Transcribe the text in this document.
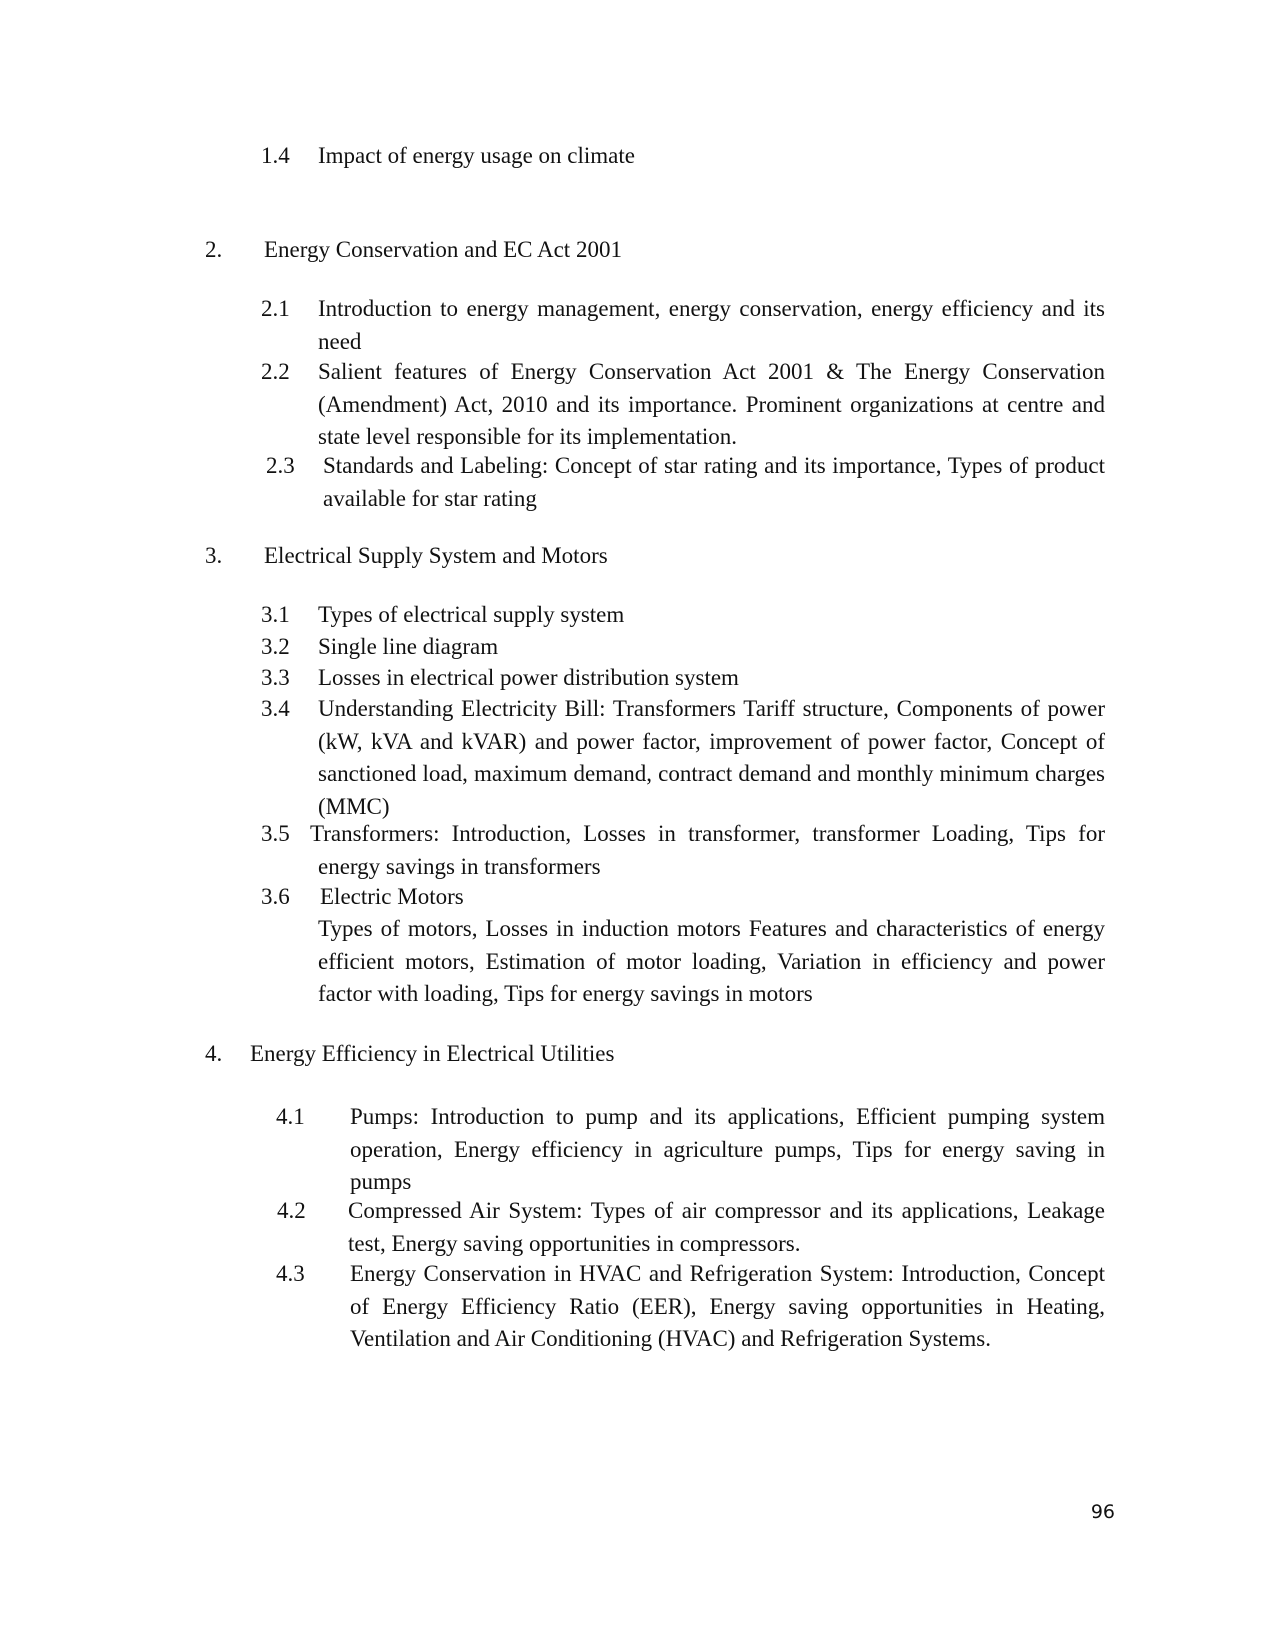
1.4 Impact of energy usage on climate
2. Energy Conservation and EC Act 2001
2.1 Introduction to energy management, energy conservation, energy efficiency and its need
2.2 Salient features of Energy Conservation Act 2001 & The Energy Conservation (Amendment) Act, 2010 and its importance. Prominent organizations at centre and state level responsible for its implementation.
2.3 Standards and Labeling: Concept of star rating and its importance, Types of product available for star rating
3. Electrical Supply System and Motors
3.1 Types of electrical supply system
3.2 Single line diagram
3.3 Losses in electrical power distribution system
3.4 Understanding Electricity Bill: Transformers Tariff structure, Components of power (kW, kVA and kVAR) and power factor, improvement of power factor, Concept of sanctioned load, maximum demand, contract demand and monthly minimum charges (MMC)
3.5 Transformers: Introduction, Losses in transformer, transformer Loading, Tips for energy savings in transformers
3.6 Electric Motors
Types of motors, Losses in induction motors Features and characteristics of energy efficient motors, Estimation of motor loading, Variation in efficiency and power factor with loading, Tips for energy savings in motors
4. Energy Efficiency in Electrical Utilities
4.1 Pumps: Introduction to pump and its applications, Efficient pumping system operation, Energy efficiency in agriculture pumps, Tips for energy saving in pumps
4.2 Compressed Air System: Types of air compressor and its applications, Leakage test, Energy saving opportunities in compressors.
4.3 Energy Conservation in HVAC and Refrigeration System: Introduction, Concept of Energy Efficiency Ratio (EER), Energy saving opportunities in Heating, Ventilation and Air Conditioning (HVAC) and Refrigeration Systems.
96
